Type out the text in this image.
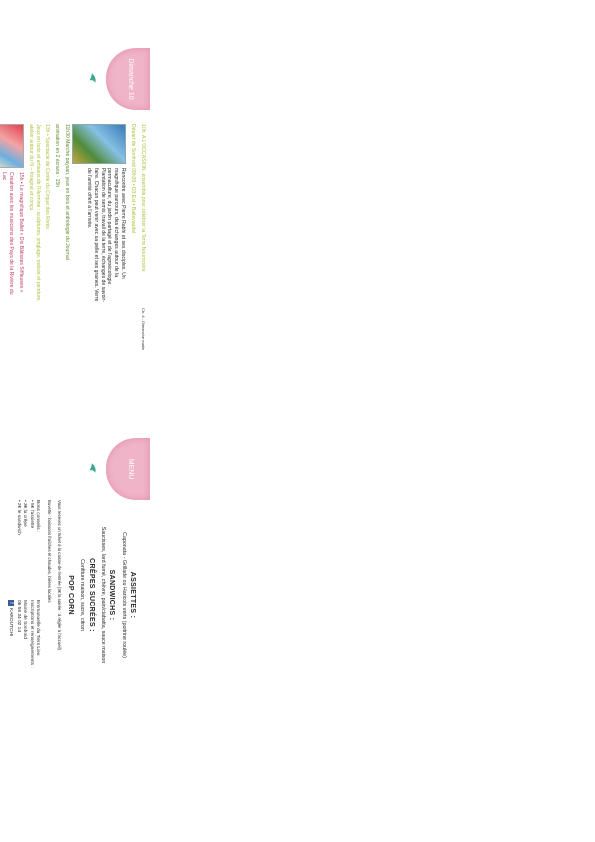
Dimanche 10
Ch. 4 - Dimanche matin

10h. A L'OCCASION, ensemble pour célébrer la Terre Nourricière

Départ de Sonfroid 09h30 • D3 Est • Ballevaudel

Rencontre avec Pierre Rabhi et ses disciples. Un magnifique parcours, des échanges autour de la permaculture, du jardin partagé et de l'agroécologie. Plantation de semis, travail de la terre, échanges de savoir-faire. Chacun peut venir avec sa pelle et ses graines. Verre de l'amitié offert à l'arrivée.

11h30 Marché paysan, jeux en bois et anthologie du Journal

animation en 2 écrans - 15h

13h • Spectacle de Conte du Cirque des Rives

Jeux en bois et artisans de l'Hermine : sculptures, jonglage, poésie et peinture, atelier autour du fil – Imaginé et conçu

15h • Le magnifique Ballet « Dix Bâtisses Siffleuses »

Création avec les musiciens des Pays de la Rivière du Lac

MENU
ASSIETTES :
Caponata - Grillade ou Haricots verts (poitrine roulée)
SANDWICHS :
Saucisses, lard fumé, chèvre, pain/ciabatta, sauce maison
CRÊPES SUCRÉES :
Confiture maison, sucre, citron
POP CORN
Vous recevez un ticket à la caisse de l'entrée (3€ la soirée : à régler à l'accueil)
Buvette : boissons fraîches et chaudes, bières locales
Bons conseils :
• 5€ l'assiette
• 3€ la crêpe
• 2€ le sandwich
Emmanuelle du Tiers Lieu
Inscriptions et renseignements :
Mairie de Sonfroid
06 58 34 02 14
fKAROUTCHI
